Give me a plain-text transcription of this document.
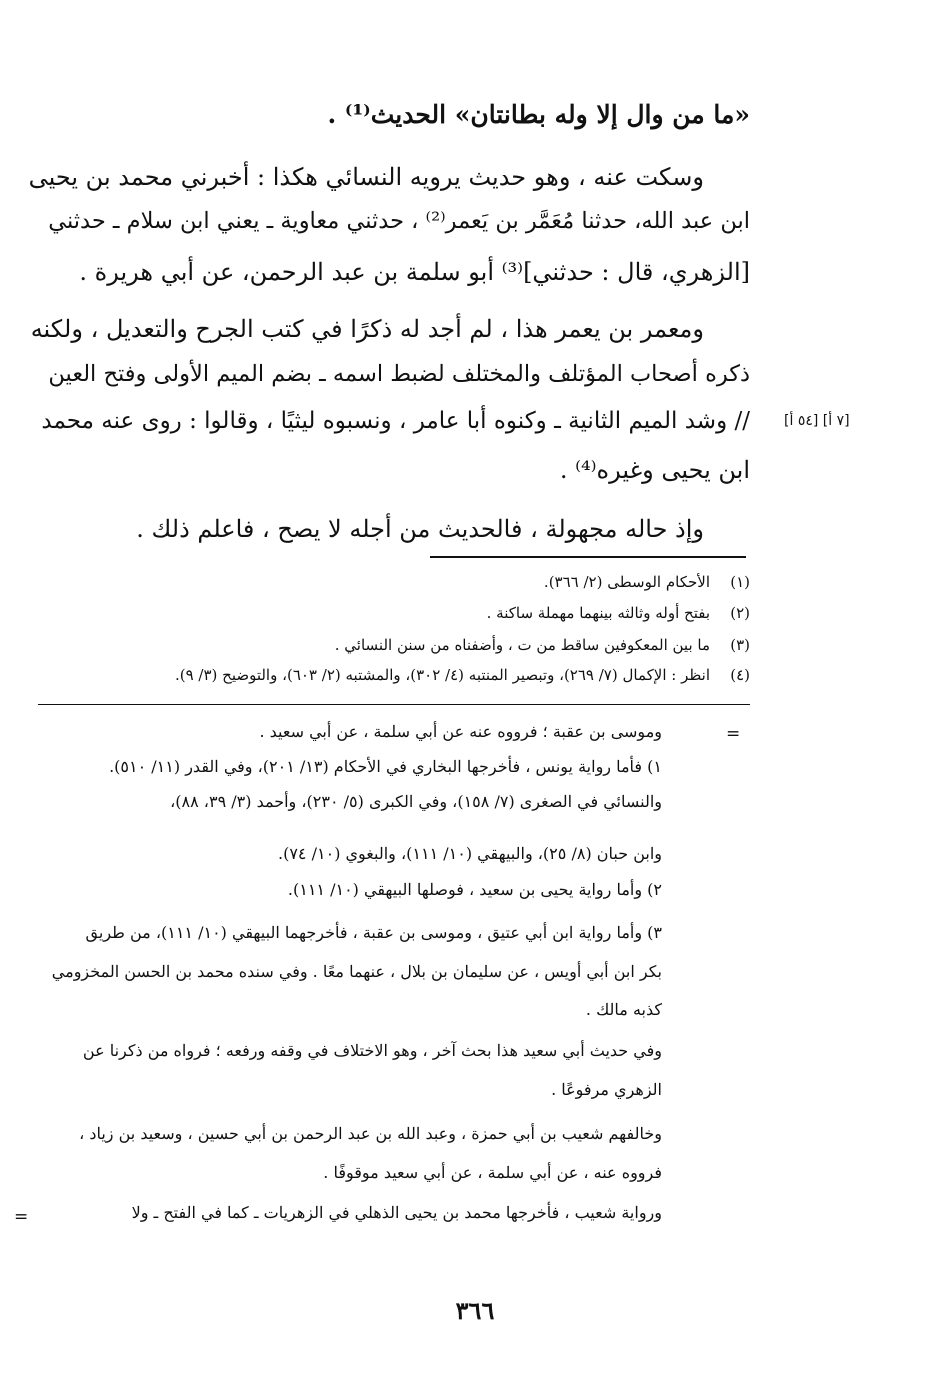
«ما من وال إلا وله بطانتان» الحديث⁽¹⁾ .
وسكت عنه ، وهو حديث يرويه النسائي هكذا : أخبرني محمد بن يحيى
ابن عبد الله، حدثنا مُعَمَّر بن يَعمر⁽²⁾ ، حدثني معاوية ـ يعني ابن سلام ـ حدثني
[الزهري، قال : حدثني]⁽³⁾ أبو سلمة بن عبد الرحمن، عن أبي هريرة .
ومعمر بن يعمر هذا ، لم أجد له ذكرًا في كتب الجرح والتعديل ، ولكنه
ذكره أصحاب المؤتلف والمختلف لضبط اسمه ـ بضم الميم الأولى وفتح العين
// وشد الميم الثانية ـ وكنوه أبا عامر ، ونسبوه ليثيًا ، وقالوا : روى عنه محمد
ابن يحيى وغيره⁽⁴⁾ .
وإذ حاله مجهولة ، فالحديث من أجله لا يصح ، فاعلم ذلك .
[٧ أ] [٥٤ أ]
(١)الأحكام الوسطى (٢/ ٣٦٦).
(٢)بفتح أوله وثالثه بينهما مهملة ساكنة .
(٣)ما بين المعكوفين ساقط من ت ، وأضفناه من سنن النسائي .
(٤)انظر : الإكمال (٧/ ٢٦٩)، وتبصير المنتبه (٤/ ٣٠٢)، والمشتبه (٢/ ٦٠٣)، والتوضيح (٣/ ٩).
=
وموسى بن عقبة ؛ فرووه عنه عن أبي سلمة ، عن أبي سعيد .
١) فأما رواية يونس ، فأخرجها البخاري في الأحكام (١٣/ ٢٠١)، وفي القدر (١١/ ٥١٠).
والنسائي في الصغرى (٧/ ١٥٨)، وفي الكبرى (٥/ ٢٣٠)، وأحمد (٣/ ٣٩، ٨٨)،
وابن حبان (٨/ ٢٥)، والبيهقي (١٠/ ١١١)، والبغوي (١٠/ ٧٤).
٢) وأما رواية يحيى بن سعيد ، فوصلها البيهقي (١٠/ ١١١).
٣) وأما رواية ابن أبي عتيق ، وموسى بن عقبة ، فأخرجهما البيهقي (١٠/ ١١١)، من طريق
بكر ابن أبي أويس ، عن سليمان بن بلال ، عنهما معًا . وفي سنده محمد بن الحسن المخزومي
كذبه مالك .
وفي حديث أبي سعيد هذا بحث آخر ، وهو الاختلاف في وقفه ورفعه ؛ فرواه من ذكرنا عن
الزهري مرفوعًا .
وخالفهم شعيب بن أبي حمزة ، وعبد الله بن عبد الرحمن بن أبي حسين ، وسعيد بن زياد ،
فرووه عنه ، عن أبي سلمة ، عن أبي سعيد موقوفًا .
ورواية شعيب ، فأخرجها محمد بن يحيى الذهلي في الزهريات ـ كما في الفتح ـ ولا
=
٣٦٦
